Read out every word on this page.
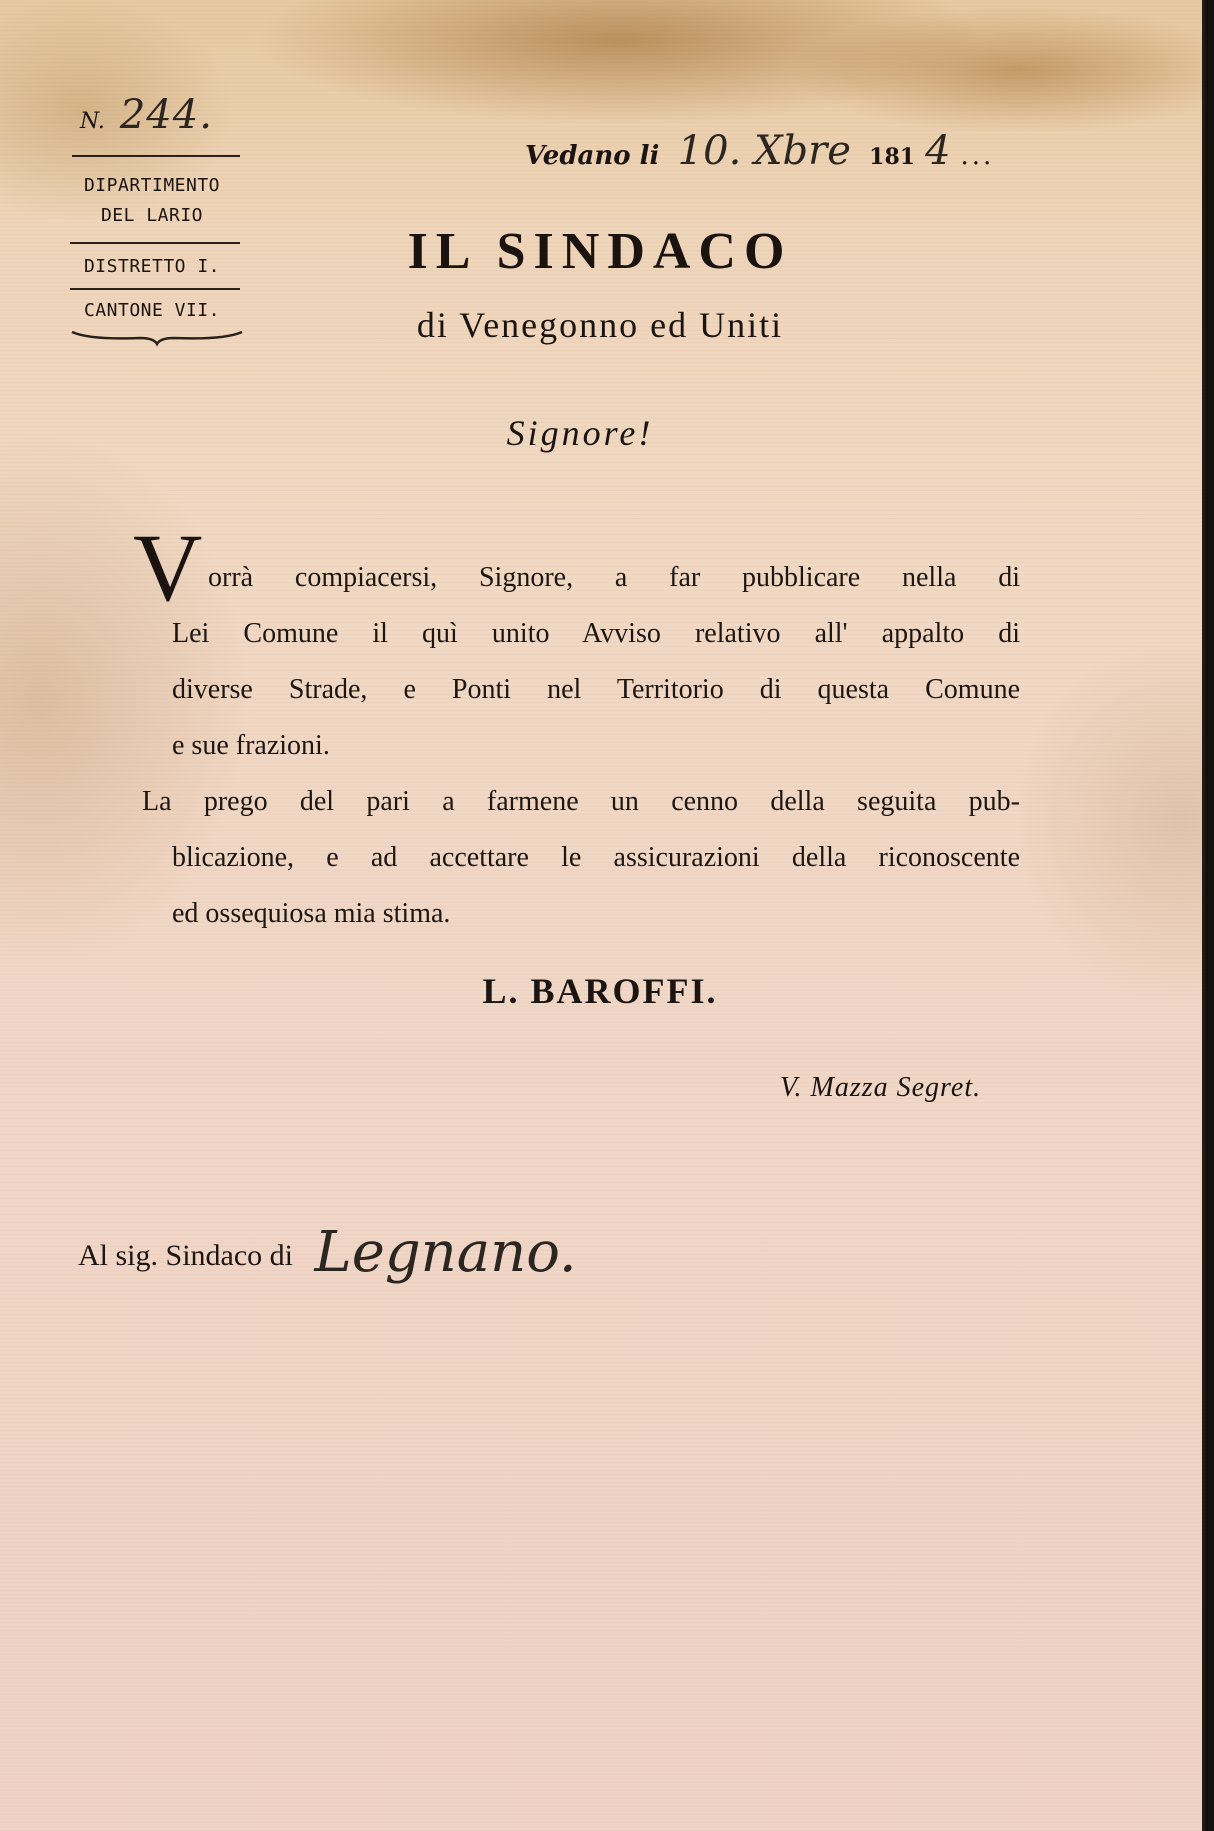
N. 244.
DIPARTIMENTO
DEL LARIO
DISTRETTO I.
CANTONE VII.
Vedano li 10. Xbre 181 4 ...
IL SINDACO
di Venegonno ed Uniti
Signore!
V orrà compiacersi, Signore, a far pubblicare nella di
Lei Comune il quì unito Avviso relativo all' appalto di
diverse Strade, e Ponti nel Territorio di questa Comune
e sue frazioni.
La prego del pari a farmene un cenno della seguita pub-
blicazione, e ad accettare le assicurazioni della riconoscente
ed ossequiosa mia stima.
L. BAROFFI.
V. Mazza Segret.
Al sig. Sindaco di Legnano.
